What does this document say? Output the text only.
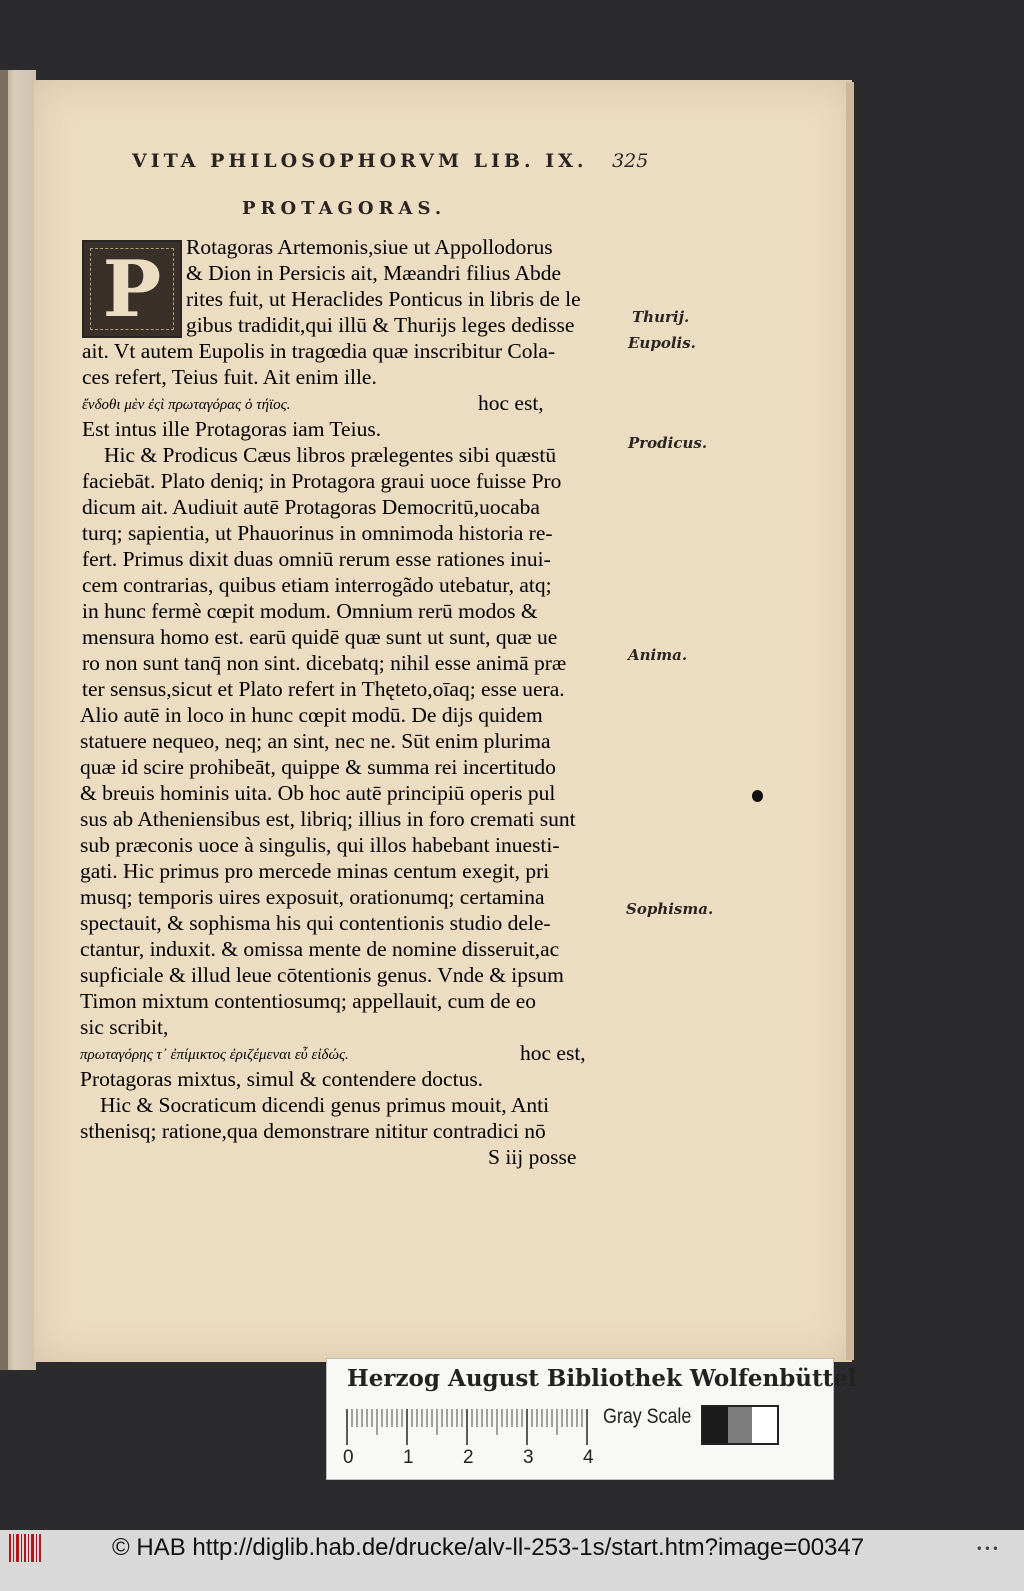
VITA PHILOSOPHORVM LIB. IX. 325
PROTAGORAS.
P Rotagoras Artemonis,siue ut Appollodorus
& Dion in Persicis ait, Mæandri filius Abde
rites fuit, ut Heraclides Ponticus in libris de le
gibus tradidit,qui illū & Thurijs leges dedisse
ait. Vt autem Eupolis in tragœdia quæ inscribitur Cola-
ces refert, Teius fuit. Ait enim ille.
ἔνδοθι μὲν ἐςὶ πρωταγόρας ὁ τήϊος.	hoc est,
Est intus ille Protagoras iam Teius.
Hic & Prodicus Cæus libros prælegentes sibi quæstū
faciebāt. Plato deniq; in Protagora graui uoce fuisse Pro
dicum ait. Audiuit autē Protagoras Democritū,uocaba
turq; sapientia, ut Phauorinus in omnimoda historia re-
fert. Primus dixit duas omniū rerum esse rationes inui-
cem contrarias, quibus etiam interrogãdo utebatur, atq;
in hunc fermè cœpit modum. Omnium rerū modos &
mensura homo est. earū quidē quæ sunt ut sunt, quæ ue
ro non sunt tanq̄ non sint. dicebatq; nihil esse animā præ
ter sensus,sicut et Plato refert in Thęteto,oīaq; esse uera.
Alio autē in loco in hunc cœpit modū. De dijs quidem
statuere nequeo, neq; an sint, nec ne. Sūt enim plurima
quæ id scire prohibeāt, quippe & summa rei incertitudo
& breuis hominis uita. Ob hoc autē principiū operis pul
sus ab Atheniensibus est, libriq; illius in foro cremati sunt
sub præconis uoce à singulis, qui illos habebant inuesti-
gati. Hic primus pro mercede minas centum exegit, pri
musq; temporis uires exposuit, orationumq; certamina
spectauit, & sophisma his qui contentionis studio dele-
ctantur, induxit. & omissa mente de nomine disseruit,ac
supficiale & illud leue cōtentionis genus. Vnde & ipsum
Timon mixtum contentiosumq; appellauit, cum de eo
sic scribit,
πρωταγόρης τ᾽ ἐπίμικτος ἐριζέμεναι εὖ εἰδώς.	hoc est,
Protagoras mixtus, simul & contendere doctus.
Hic & Socraticum dicendi genus primus mouit, Anti
sthenisq; ratione,qua demonstrare nititur contradici nō
S iij posse
Thurij.
Eupolis.
Prodicus.
Anima.
Sophisma.
Herzog August Bibliothek Wolfenbüttel
0	1	2	3	4
Gray Scale
© HAB http://diglib.hab.de/drucke/alv-ll-253-1s/start.htm?image=00347	•••
